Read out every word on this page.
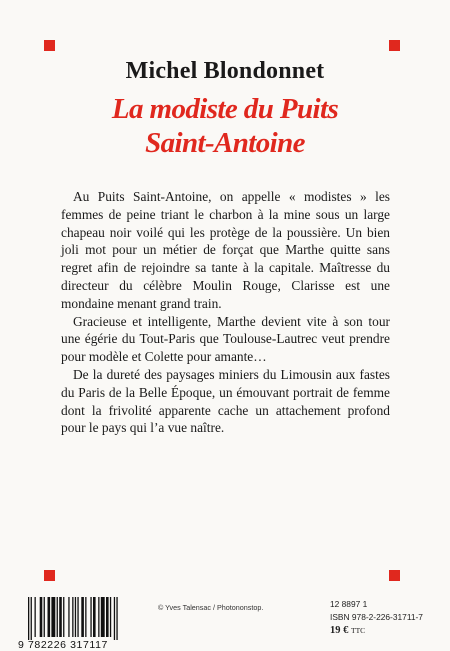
Michel Blondonnet
La modiste du Puits
Saint-Antoine

Au Puits Saint-Antoine, on appelle « modistes » les femmes de peine triant le charbon à la mine sous un large chapeau noir voilé qui les protège de la poussière. Un bien joli mot pour un métier de forçat que Marthe quitte sans regret afin de rejoindre sa tante à la capitale. Maîtresse du directeur du célèbre Moulin Rouge, Clarisse est une mondaine menant grand train.

Gracieuse et intelligente, Marthe devient vite à son tour une égérie du Tout-Paris que Toulouse-Lautrec veut prendre pour modèle et Colette pour amante…

De la dureté des paysages miniers du Limousin aux fastes du Paris de la Belle Époque, un émouvant portrait de femme dont la frivolité apparente cache un attachement profond pour le pays qui l’a vue naître.

9 782226 317117
© Yves Talensac / Photononstop.	12 8897 1
ISBN 978-2-226-31711-7
19 € TTC
